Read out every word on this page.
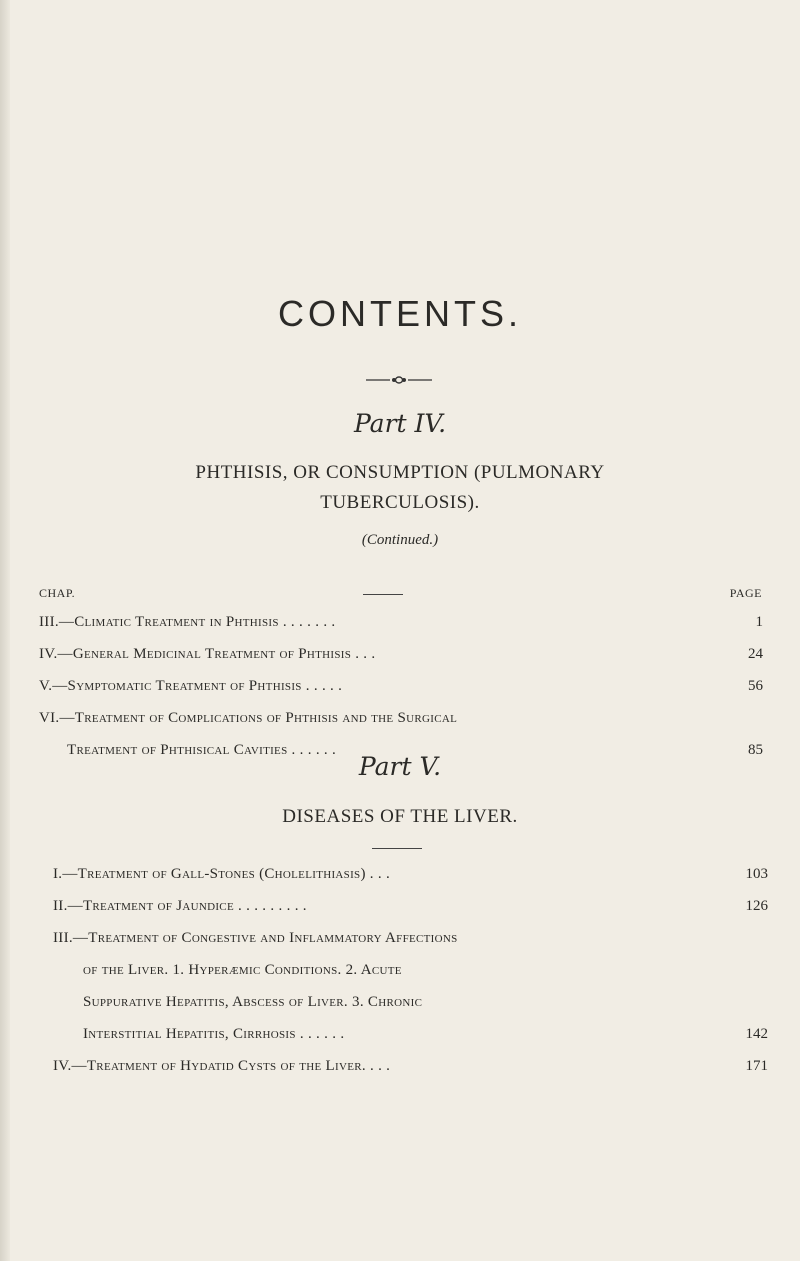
CONTENTS.
Part IV.
PHTHISIS, OR CONSUMPTION (PULMONARY
TUBERCULOSIS).
(Continued.)
CHAP.	PAGE
III.—Climatic Treatment in Phthisis . . . . . . .	1
IV.—General Medicinal Treatment of Phthisis . . .	24
V.—Symptomatic Treatment of Phthisis . . . . .	56
VI.—Treatment of Complications of Phthisis and the Surgical
Treatment of Phthisical Cavities . . . . . .	85
Part V.
DISEASES OF THE LIVER.
I.—Treatment of Gall-Stones (Cholelithiasis) . . .	103
II.—Treatment of Jaundice . . . . . . . . .	126
III.—Treatment of Congestive and Inflammatory Affections
of the Liver. 1. Hyperæmic Conditions. 2. Acute
Suppurative Hepatitis, Abscess of Liver. 3. Chronic
Interstitial Hepatitis, Cirrhosis . . . . . .	142
IV.—Treatment of Hydatid Cysts of the Liver. . . .	171
